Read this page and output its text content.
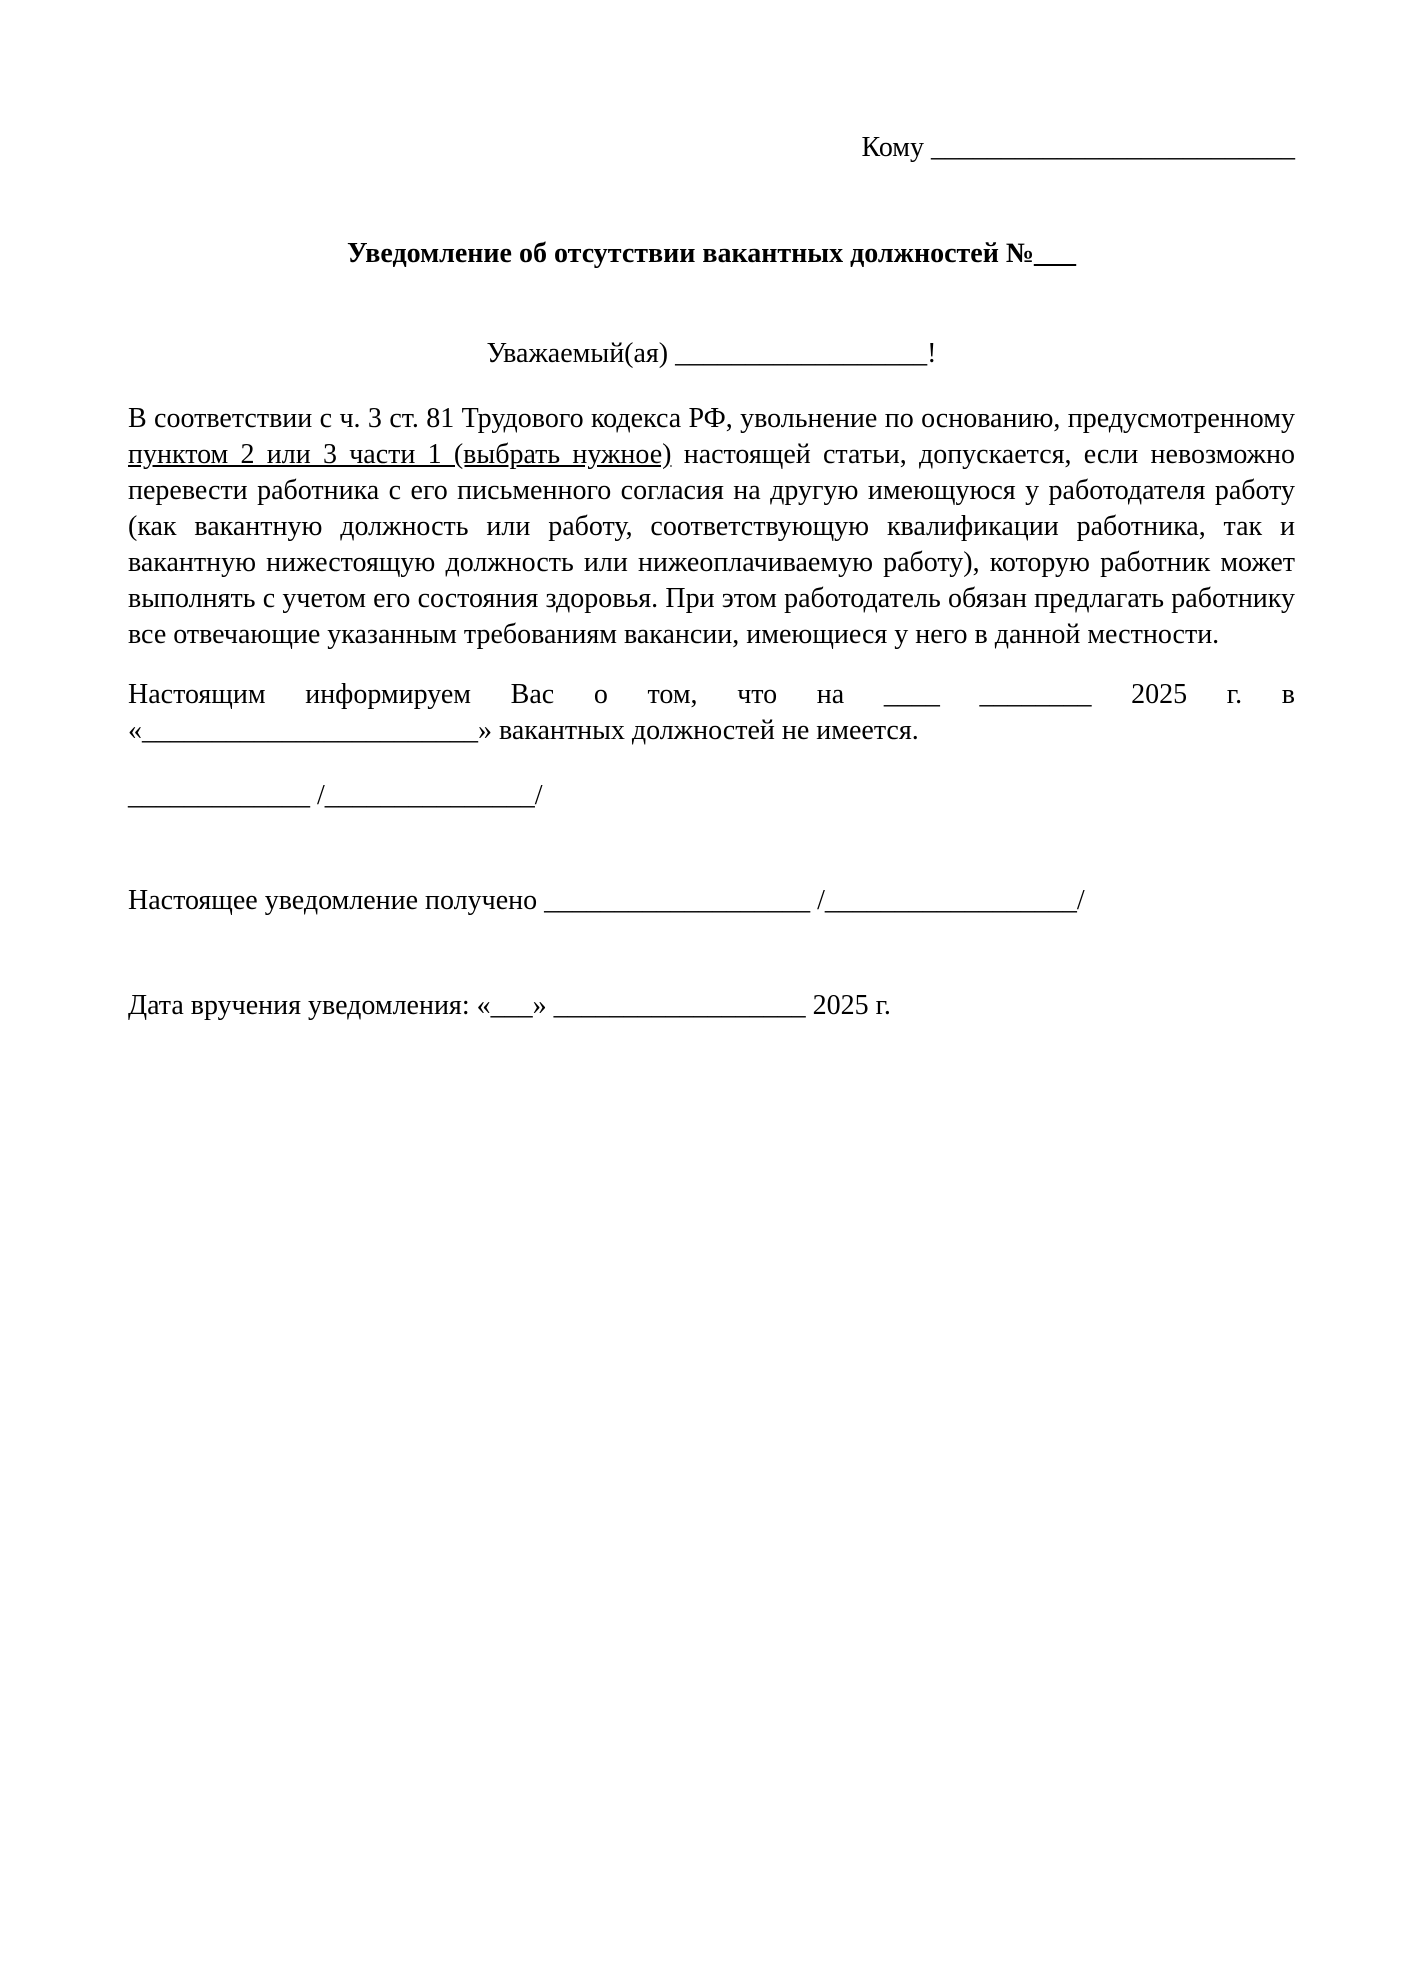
Кому __________________________
Уведомление об отсутствии вакантных должностей №___
Уважаемый(ая) __________________!

В соответствии с ч. 3 ст. 81 Трудового кодекса РФ, увольнение по основанию, предусмотренному пунктом 2 или 3 части 1 (выбрать нужное) настоящей статьи, допускается, если невозможно перевести работника с его письменного согласия на другую имеющуюся у работодателя работу (как вакантную должность или работу, соответствующую квалификации работника, так и вакантную нижестоящую должность или нижеоплачиваемую работу), которую работник может выполнять с учетом его состояния здоровья. При этом работодатель обязан предлагать работнику все отвечающие указанным требованиям вакансии, имеющиеся у него в данной местности.

Настоящим информируем Вас о том, что на ____ ________ 2025 г. в «________________________» вакантных должностей не имеется.

_____________ /_______________/
Настоящее уведомление получено ___________________ /__________________/
Дата вручения уведомления: «___» __________________ 2025 г.
